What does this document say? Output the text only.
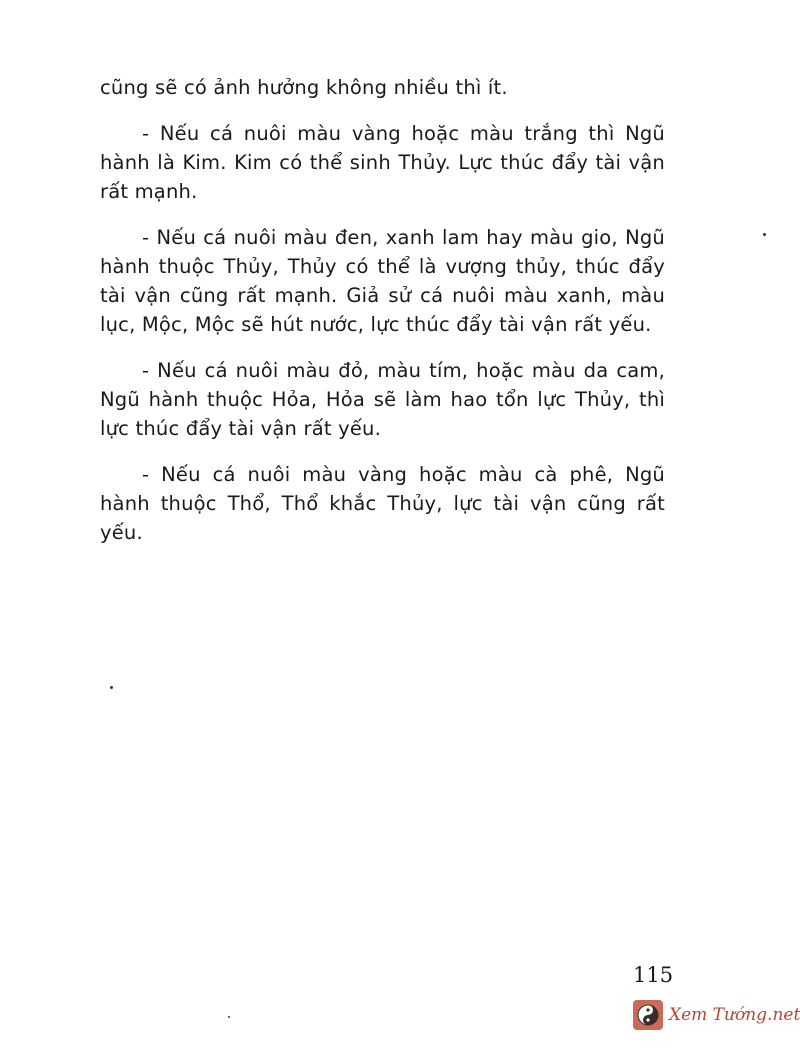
cũng sẽ có ảnh hưởng không nhiều thì ít.

- Nếu cá nuôi màu vàng hoặc màu trắng thì Ngũ hành là Kim. Kim có thể sinh Thủy. Lực thúc đẩy tài vận rất mạnh.

- Nếu cá nuôi màu đen, xanh lam hay màu gio, Ngũ hành thuộc Thủy, Thủy có thể là vượng thủy, thúc đẩy tài vận cũng rất mạnh. Giả sử cá nuôi màu xanh, màu lục, Mộc, Mộc sẽ hút nước, lực thúc đẩy tài vận rất yếu.

- Nếu cá nuôi màu đỏ, màu tím, hoặc màu da cam, Ngũ hành thuộc Hỏa, Hỏa sẽ làm hao tổn lực Thủy, thì lực thúc đẩy tài vận rất yếu.

- Nếu cá nuôi màu vàng hoặc màu cà phê, Ngũ hành thuộc Thổ, Thổ khắc Thủy, lực tài vận cũng rất yếu.

115
Xem Tướng.net
